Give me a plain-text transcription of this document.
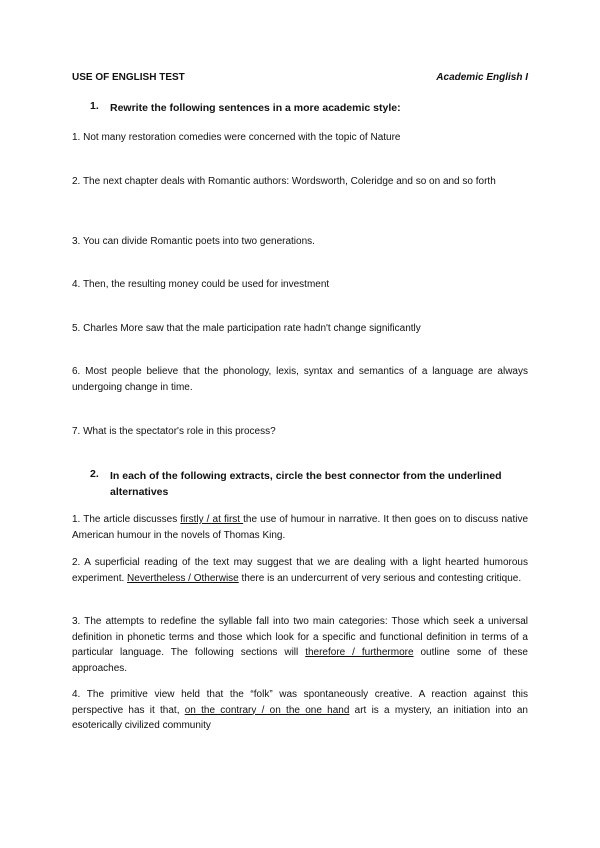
USE OF ENGLISH TEST	Academic English I
1. Rewrite the following sentences in a more academic style:
1. Not many restoration comedies were concerned with the topic of Nature
2. The next chapter deals with Romantic authors: Wordsworth, Coleridge and so on and so forth
3. You can divide Romantic poets into two generations.
4. Then, the resulting money could be used for investment
5. Charles More saw that the male participation rate hadn't change significantly
6. Most people believe that the phonology, lexis, syntax and semantics of a language are always undergoing change in time.
7. What is the spectator's role in this process?
2. In each of the following extracts, circle the best connector from the underlined alternatives
1. The article discusses firstly / at first the use of humour in narrative. It then goes on to discuss native American humour in the novels of Thomas King.
2. A superficial reading of the text may suggest that we are dealing with a light hearted humorous experiment. Nevertheless / Otherwise there is an undercurrent of very serious and contesting critique.
3. The attempts to redefine the syllable fall into two main categories: Those which seek a universal definition in phonetic terms and those which look for a specific and functional definition in terms of a particular language. The following sections will therefore / furthermore outline some of these approaches.
4. The primitive view held that the “folk” was spontaneously creative. A reaction against this perspective has it that, on the contrary / on the one hand art is a mystery, an initiation into an esoterically civilized community
